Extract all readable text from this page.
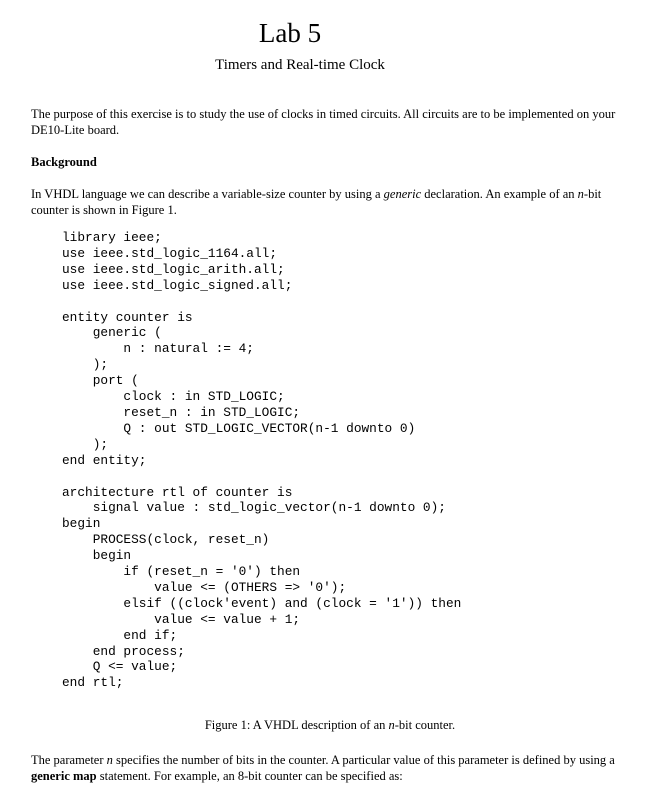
Lab 5
Timers and Real-time Clock
The purpose of this exercise is to study the use of clocks in timed circuits. All circuits are to be implemented on your DE10-Lite board.
Background
In VHDL language we can describe a variable-size counter by using a generic declaration. An example of an n-bit counter is shown in Figure 1.
library ieee;
use ieee.std_logic_1164.all;
use ieee.std_logic_arith.all;
use ieee.std_logic_signed.all;

entity counter is
generic (
n : natural := 4;
);
port (
clock : in STD_LOGIC;
reset_n : in STD_LOGIC;
Q : out STD_LOGIC_VECTOR(n-1 downto 0)
);
end entity;

architecture rtl of counter is
signal value : std_logic_vector(n-1 downto 0);
begin
PROCESS(clock, reset_n)
begin
if (reset_n = '0') then
value <= (OTHERS => '0');
elsif ((clock'event) and (clock = '1')) then
value <= value + 1;
end if;
end process;
Q <= value;
end rtl;
Figure 1: A VHDL description of an n-bit counter.
The parameter n specifies the number of bits in the counter. A particular value of this parameter is defined by using a generic map statement. For example, an 8-bit counter can be specified as:
